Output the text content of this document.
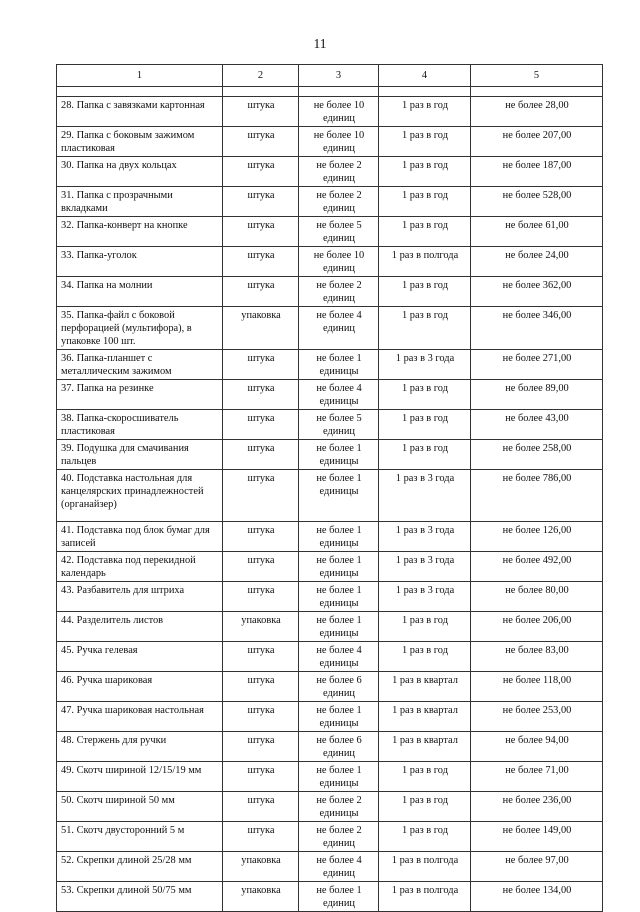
11
1	2	3	4	5

28. Папка с завязками картонная	штука	не более 10 единиц	1 раз в год	не более 28,00
29. Папка с боковым зажимом пластиковая	штука	не более 10 единиц	1 раз в год	не более 207,00
30. Папка на двух кольцах	штука	не более 2 единиц	1 раз в год	не более 187,00
31. Папка с прозрачными вкладками	штука	не более 2 единиц	1 раз в год	не более 528,00
32. Папка-конверт на кнопке	штука	не более 5 единиц	1 раз в год	не более 61,00
33. Папка-уголок	штука	не более 10 единиц	1 раз в полгода	не более 24,00
34. Папка на молнии	штука	не более 2 единиц	1 раз в год	не более 362,00
35. Папка-файл с боковой перфорацией (мультифора), в упаковке 100 шт.	упаковка	не более 4 единиц	1 раз в год	не более 346,00
36. Папка-планшет с металлическим зажимом	штука	не более 1 единицы	1 раз в 3 года	не более 271,00
37. Папка на резинке	штука	не более 4 единицы	1 раз в год	не более 89,00
38. Папка-скоросшиватель пластиковая	штука	не более 5 единиц	1 раз в год	не более 43,00
39. Подушка для смачивания пальцев	штука	не более 1 единицы	1 раз в год	не более 258,00
40. Подставка настольная для канцелярских принадлежностей (органайзер)	штука	не более 1 единицы	1 раз в 3 года	не более 786,00
41. Подставка под блок бумаг для записей	штука	не более 1 единицы	1 раз в 3 года	не более 126,00
42. Подставка под перекидной календарь	штука	не более 1 единицы	1 раз в 3 года	не более 492,00
43. Разбавитель для штриха	штука	не более 1 единицы	1 раз в 3 года	не более 80,00
44. Разделитель листов	упаковка	не более 1 единицы	1 раз в год	не более 206,00
45. Ручка гелевая	штука	не более 4 единицы	1 раз в год	не более 83,00
46. Ручка шариковая	штука	не более 6 единиц	1 раз в квартал	не более 118,00
47. Ручка шариковая настольная	штука	не более 1 единицы	1 раз в квартал	не более 253,00
48. Стержень для ручки	штука	не более 6 единиц	1 раз в квартал	не более 94,00
49. Скотч шириной 12/15/19 мм	штука	не более 1 единицы	1 раз в год	не более 71,00
50. Скотч шириной 50 мм	штука	не более 2 единицы	1 раз в год	не более 236,00
51. Скотч двусторонний 5 м	штука	не более 2 единиц	1 раз в год	не более 149,00
52. Скрепки длиной 25/28 мм	упаковка	не более 4 единиц	1 раз в полгода	не более 97,00
53. Скрепки длиной 50/75 мм	упаковка	не более 1 единиц	1 раз в полгода	не более 134,00
